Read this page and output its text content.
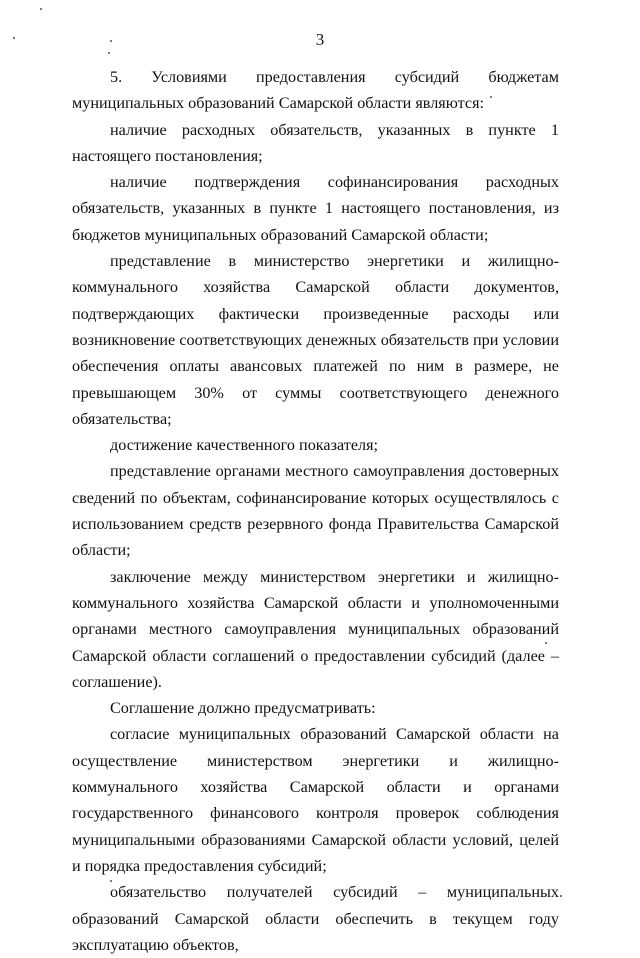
3

5. Условиями предоставления субсидий бюджетам муниципальных образований Самарской области являются:

наличие расходных обязательств, указанных в пункте 1 настоящего постановления;

наличие подтверждения софинансирования расходных обязательств, указанных в пункте 1 настоящего постановления, из бюджетов муниципальных образований Самарской области;

представление в министерство энергетики и жилищно-коммунального хозяйства Самарской области документов, подтверждающих фактически произведенные расходы или возникновение соответствующих денежных обязательств при условии обеспечения оплаты авансовых платежей по ним в размере, не превышающем 30% от суммы соответствующего денежного обязательства;

достижение качественного показателя;

представление органами местного самоуправления достоверных сведений по объектам, софинансирование которых осуществлялось с использованием средств резервного фонда Правительства Самарской области;

заключение между министерством энергетики и жилищно-коммунального хозяйства Самарской области и уполномоченными органами местного самоуправления муниципальных образований Самарской области соглашений о предоставлении субсидий (далее – соглашение).

Соглашение должно предусматривать:

согласие муниципальных образований Самарской области на осуществление министерством энергетики и жилищно-коммунального хозяйства Самарской области и органами государственного финансового контроля проверок соблюдения муниципальными образованиями Самарской области условий, целей и порядка предоставления субсидий;

обязательство получателей субсидий – муниципальных образований Самарской области обеспечить в текущем году эксплуатацию объектов,
